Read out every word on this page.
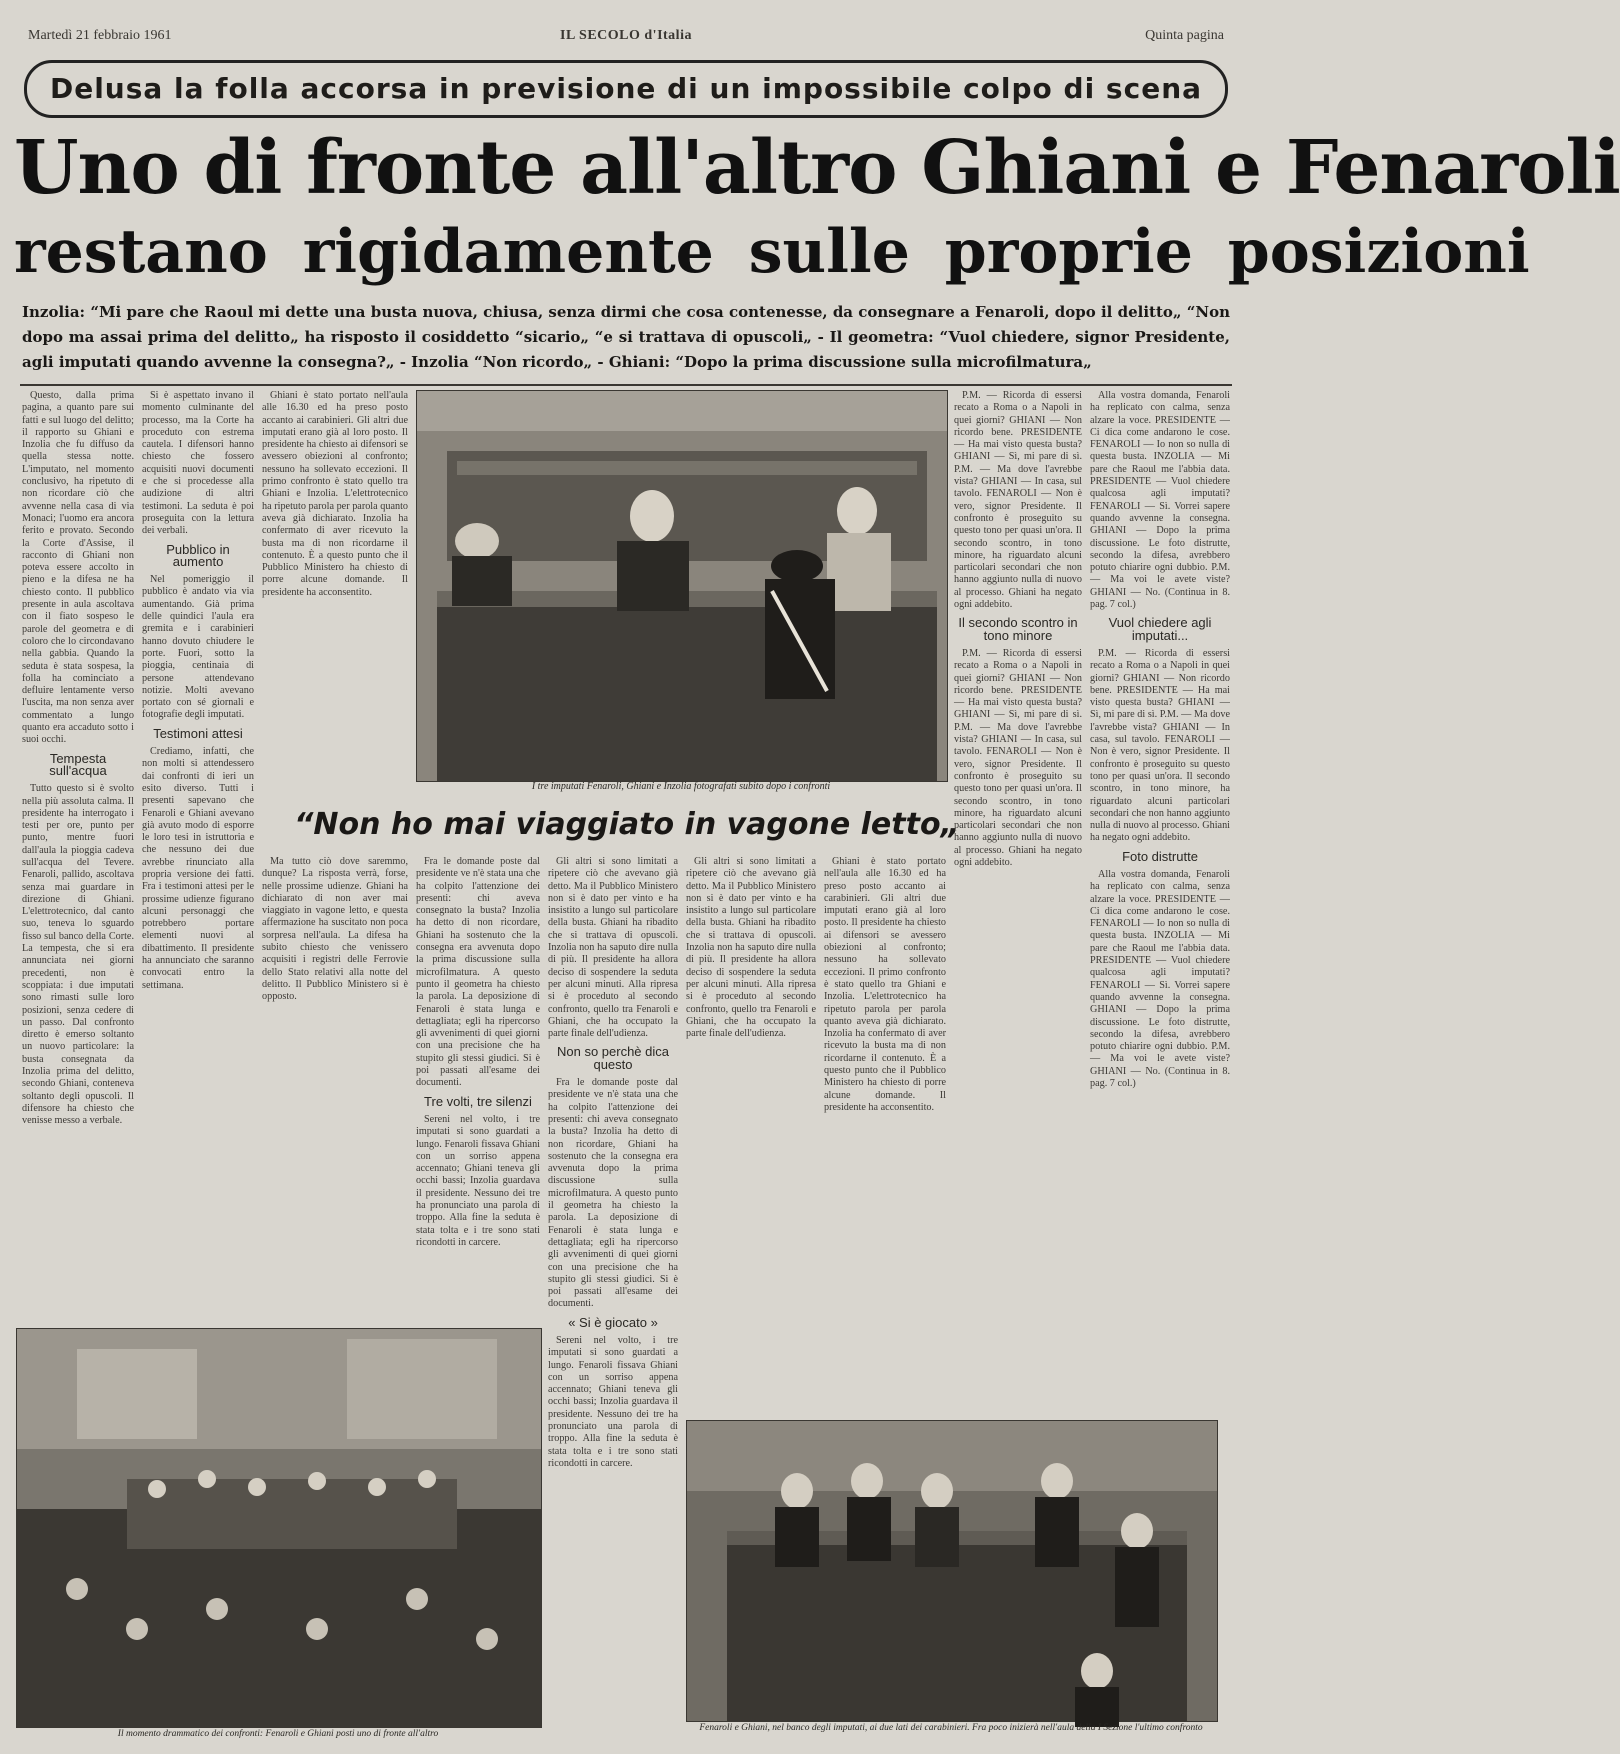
Martedì 21 febbraio 1961	IL SECOLO d'Italia	Quinta pagina
Delusa la folla accorsa in previsione di un impossibile colpo di scena
Uno di fronte all'altro Ghiani e Fenaroli
restano rigidamente sulle proprie posizioni
Inzolia: “Mi pare che Raoul mi dette una busta nuova, chiusa, senza dirmi che cosa contenesse, da consegnare a Fenaroli, dopo il delitto„ “Non dopo ma assai prima del delitto„ ha risposto il cosiddetto “sicario„ “e si trattava di opuscoli„ - Il geometra: “Vuol chiedere, signor Presidente, agli imputati quando avvenne la consegna?„ - Inzolia “Non ricordo„ - Ghiani: “Dopo la prima discussione sulla microfilmatura„

Questo, dalla prima pagina, a quanto pare sui fatti e sul luogo del delitto; il rapporto su Ghiani e Inzolia che fu diffuso da quella stessa notte. L'imputato, nel momento conclusivo, ha ripetuto di non ricordare ciò che avvenne nella casa di via Monaci; l'uomo era ancora ferito e provato. Secondo la Corte d'Assise, il racconto di Ghiani non poteva essere accolto in pieno e la difesa ne ha chiesto conto. Il pubblico presente in aula ascoltava con il fiato sospeso le parole del geometra e di coloro che lo circondavano nella gabbia. Quando la seduta è stata sospesa, la folla ha cominciato a defluire lentamente verso l'uscita, ma non senza aver commentato a lungo quanto era accaduto sotto i suoi occhi.

Tempesta sull'acqua

Tutto questo si è svolto nella più assoluta calma. Il presidente ha interrogato i testi per ore, punto per punto, mentre fuori dall'aula la pioggia cadeva sull'acqua del Tevere. Fenaroli, pallido, ascoltava senza mai guardare in direzione di Ghiani. L'elettrotecnico, dal canto suo, teneva lo sguardo fisso sul banco della Corte. La tempesta, che si era annunciata nei giorni precedenti, non è scoppiata: i due imputati sono rimasti sulle loro posizioni, senza cedere di un passo. Dal confronto diretto è emerso soltanto un nuovo particolare: la busta consegnata da Inzolia prima del delitto, secondo Ghiani, conteneva soltanto degli opuscoli. Il difensore ha chiesto che venisse messo a verbale.

Si è aspettato invano il momento culminante del processo, ma la Corte ha proceduto con estrema cautela. I difensori hanno chiesto che fossero acquisiti nuovi documenti e che si procedesse alla audizione di altri testimoni. La seduta è poi proseguita con la lettura dei verbali.

Pubblico in aumento

Nel pomeriggio il pubblico è andato via via aumentando. Già prima delle quindici l'aula era gremita e i carabinieri hanno dovuto chiudere le porte. Fuori, sotto la pioggia, centinaia di persone attendevano notizie. Molti avevano portato con sé giornali e fotografie degli imputati.

Testimoni attesi

Crediamo, infatti, che non molti si attendessero dai confronti di ieri un esito diverso. Tutti i presenti sapevano che Fenaroli e Ghiani avevano già avuto modo di esporre le loro tesi in istruttoria e che nessuno dei due avrebbe rinunciato alla propria versione dei fatti. Fra i testimoni attesi per le prossime udienze figurano alcuni personaggi che potrebbero portare elementi nuovi al dibattimento. Il presidente ha annunciato che saranno convocati entro la settimana.

Ghiani è stato portato nell'aula alle 16.30 ed ha preso posto accanto ai carabinieri. Gli altri due imputati erano già al loro posto. Il presidente ha chiesto ai difensori se avessero obiezioni al confronto; nessuno ha sollevato eccezioni. Il primo confronto è stato quello tra Ghiani e Inzolia. L'elettrotecnico ha ripetuto parola per parola quanto aveva già dichiarato. Inzolia ha confermato di aver ricevuto la busta ma di non ricordarne il contenuto. È a questo punto che il Pubblico Ministero ha chiesto di porre alcune domande. Il presidente ha acconsentito.

I tre imputati Fenaroli, Ghiani e Inzolia fotografati subito dopo i confronti
“Non ho mai viaggiato in vagone letto„

Ma tutto ciò dove saremmo, dunque? La risposta verrà, forse, nelle prossime udienze. Ghiani ha dichiarato di non aver mai viaggiato in vagone letto, e questa affermazione ha suscitato non poca sorpresa nell'aula. La difesa ha subito chiesto che venissero acquisiti i registri delle Ferrovie dello Stato relativi alla notte del delitto. Il Pubblico Ministero si è opposto.

Fra le domande poste dal presidente ve n'è stata una che ha colpito l'attenzione dei presenti: chi aveva consegnato la busta? Inzolia ha detto di non ricordare, Ghiani ha sostenuto che la consegna era avvenuta dopo la prima discussione sulla microfilmatura. A questo punto il geometra ha chiesto la parola. La deposizione di Fenaroli è stata lunga e dettagliata; egli ha ripercorso gli avvenimenti di quei giorni con una precisione che ha stupito gli stessi giudici. Si è poi passati all'esame dei documenti.

Tre volti, tre silenzi

Sereni nel volto, i tre imputati si sono guardati a lungo. Fenaroli fissava Ghiani con un sorriso appena accennato; Ghiani teneva gli occhi bassi; Inzolia guardava il presidente. Nessuno dei tre ha pronunciato una parola di troppo. Alla fine la seduta è stata tolta e i tre sono stati ricondotti in carcere.

Gli altri si sono limitati a ripetere ciò che avevano già detto. Ma il Pubblico Ministero non si è dato per vinto e ha insistito a lungo sul particolare della busta. Ghiani ha ribadito che si trattava di opuscoli. Inzolia non ha saputo dire nulla di più. Il presidente ha allora deciso di sospendere la seduta per alcuni minuti. Alla ripresa si è proceduto al secondo confronto, quello tra Fenaroli e Ghiani, che ha occupato la parte finale dell'udienza.

Non so perchè dica questo

Fra le domande poste dal presidente ve n'è stata una che ha colpito l'attenzione dei presenti: chi aveva consegnato la busta? Inzolia ha detto di non ricordare, Ghiani ha sostenuto che la consegna era avvenuta dopo la prima discussione sulla microfilmatura. A questo punto il geometra ha chiesto la parola. La deposizione di Fenaroli è stata lunga e dettagliata; egli ha ripercorso gli avvenimenti di quei giorni con una precisione che ha stupito gli stessi giudici. Si è poi passati all'esame dei documenti.

« Si è giocato »

Sereni nel volto, i tre imputati si sono guardati a lungo. Fenaroli fissava Ghiani con un sorriso appena accennato; Ghiani teneva gli occhi bassi; Inzolia guardava il presidente. Nessuno dei tre ha pronunciato una parola di troppo. Alla fine la seduta è stata tolta e i tre sono stati ricondotti in carcere.

Gli altri si sono limitati a ripetere ciò che avevano già detto. Ma il Pubblico Ministero non si è dato per vinto e ha insistito a lungo sul particolare della busta. Ghiani ha ribadito che si trattava di opuscoli. Inzolia non ha saputo dire nulla di più. Il presidente ha allora deciso di sospendere la seduta per alcuni minuti. Alla ripresa si è proceduto al secondo confronto, quello tra Fenaroli e Ghiani, che ha occupato la parte finale dell'udienza.

P.M. — Ricorda di essersi recato a Roma o a Napoli in quei giorni? GHIANI — Non ricordo bene. PRESIDENTE — Ha mai visto questa busta? GHIANI — Sì, mi pare di sì. P.M. — Ma dove l'avrebbe vista? GHIANI — In casa, sul tavolo. FENAROLI — Non è vero, signor Presidente. Il confronto è proseguito su questo tono per quasi un'ora. Il secondo scontro, in tono minore, ha riguardato alcuni particolari secondari che non hanno aggiunto nulla di nuovo al processo. Ghiani ha negato ogni addebito.

Il secondo scontro in tono minore

P.M. — Ricorda di essersi recato a Roma o a Napoli in quei giorni? GHIANI — Non ricordo bene. PRESIDENTE — Ha mai visto questa busta? GHIANI — Sì, mi pare di sì. P.M. — Ma dove l'avrebbe vista? GHIANI — In casa, sul tavolo. FENAROLI — Non è vero, signor Presidente. Il confronto è proseguito su questo tono per quasi un'ora. Il secondo scontro, in tono minore, ha riguardato alcuni particolari secondari che non hanno aggiunto nulla di nuovo al processo. Ghiani ha negato ogni addebito.

Alla vostra domanda, Fenaroli ha replicato con calma, senza alzare la voce. PRESIDENTE — Ci dica come andarono le cose. FENAROLI — Io non so nulla di questa busta. INZOLIA — Mi pare che Raoul me l'abbia data. PRESIDENTE — Vuol chiedere qualcosa agli imputati? FENAROLI — Sì. Vorrei sapere quando avvenne la consegna. GHIANI — Dopo la prima discussione. Le foto distrutte, secondo la difesa, avrebbero potuto chiarire ogni dubbio. P.M. — Ma voi le avete viste? GHIANI — No. (Continua in 8. pag. 7 col.)

Vuol chiedere agli imputati...

P.M. — Ricorda di essersi recato a Roma o a Napoli in quei giorni? GHIANI — Non ricordo bene. PRESIDENTE — Ha mai visto questa busta? GHIANI — Sì, mi pare di sì. P.M. — Ma dove l'avrebbe vista? GHIANI — In casa, sul tavolo. FENAROLI — Non è vero, signor Presidente. Il confronto è proseguito su questo tono per quasi un'ora. Il secondo scontro, in tono minore, ha riguardato alcuni particolari secondari che non hanno aggiunto nulla di nuovo al processo. Ghiani ha negato ogni addebito.

Foto distrutte

Alla vostra domanda, Fenaroli ha replicato con calma, senza alzare la voce. PRESIDENTE — Ci dica come andarono le cose. FENAROLI — Io non so nulla di questa busta. INZOLIA — Mi pare che Raoul me l'abbia data. PRESIDENTE — Vuol chiedere qualcosa agli imputati? FENAROLI — Sì. Vorrei sapere quando avvenne la consegna. GHIANI — Dopo la prima discussione. Le foto distrutte, secondo la difesa, avrebbero potuto chiarire ogni dubbio. P.M. — Ma voi le avete viste? GHIANI — No. (Continua in 8. pag. 7 col.)

Ghiani è stato portato nell'aula alle 16.30 ed ha preso posto accanto ai carabinieri. Gli altri due imputati erano già al loro posto. Il presidente ha chiesto ai difensori se avessero obiezioni al confronto; nessuno ha sollevato eccezioni. Il primo confronto è stato quello tra Ghiani e Inzolia. L'elettrotecnico ha ripetuto parola per parola quanto aveva già dichiarato. Inzolia ha confermato di aver ricevuto la busta ma di non ricordarne il contenuto. È a questo punto che il Pubblico Ministero ha chiesto di porre alcune domande. Il presidente ha acconsentito.

Il momento drammatico dei confronti: Fenaroli e Ghiani posti uno di fronte all'altro
Fenaroli e Ghiani, nel banco degli imputati, ai due lati dei carabinieri. Fra poco inizierà nell'aula della I Sezione l'ultimo confronto
